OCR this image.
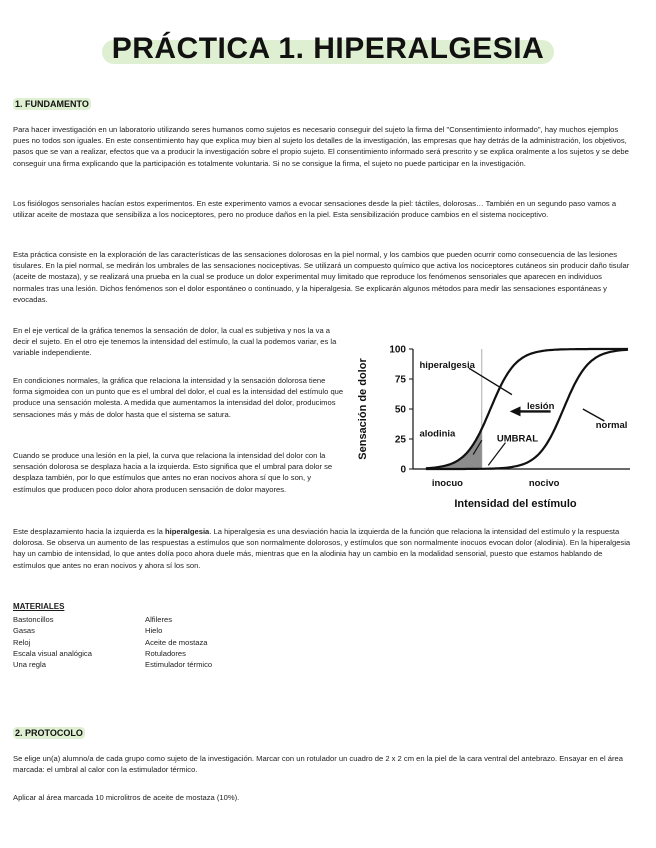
PRÁCTICA 1. HIPERALGESIA
1. FUNDAMENTO

Para hacer investigación en un laboratorio utilizando seres humanos como sujetos es necesario conseguir del sujeto la firma del "Consentimiento informado", hay muchos ejemplos pues no todos son iguales. En este consentimiento hay que explica muy bien al sujeto los detalles de la investigación, las empresas que hay detrás de la administración, los objetivos, pasos que se van a realizar, efectos que va a producir la investigación sobre el propio sujeto. El consentimiento informado será prescrito y se explica oralmente a los sujetos y se debe conseguir una firma explicando que la participación es totalmente voluntaria. Si no se consigue la firma, el sujeto no puede participar en la investigación.

Los fisiólogos sensoriales hacían estos experimentos. En este experimento vamos a evocar sensaciones desde la piel: táctiles, dolorosas… También en un segundo paso vamos a utilizar aceite de mostaza que sensibiliza a los nociceptores, pero no produce daños en la piel. Esta sensibilización produce cambios en el sistema nociceptivo.

Esta práctica consiste en la exploración de las características de las sensaciones dolorosas en la piel normal, y los cambios que pueden ocurrir como consecuencia de las lesiones tisulares. En la piel normal, se medirán los umbrales de las sensaciones nociceptivas. Se utilizará un compuesto químico que activa los nociceptores cutáneos sin producir daño tisular (aceite de mostaza), y se realizará una prueba en la cual se produce un dolor experimental muy limitado que reproduce los fenómenos sensoriales que aparecen en individuos normales tras una lesión. Dichos fenómenos son el dolor espontáneo o continuado, y la hiperalgesia. Se explicarán algunos métodos para medir las sensaciones espontáneas y evocadas.

En el eje vertical de la gráfica tenemos la sensación de dolor, la cual es subjetiva y nos la va a decir el sujeto. En el otro eje tenemos la intensidad del estímulo, la cual la podemos variar, es la variable independiente.

En condiciones normales, la gráfica que relaciona la intensidad y la sensación dolorosa tiene forma sigmoidea con un punto que es el umbral del dolor, el cual es la intensidad del estímulo que produce una sensación molesta. A medida que aumentamos la intensidad del dolor, producimos sensaciones más y más de dolor hasta que el sistema se satura.

Cuando se produce una lesión en la piel, la curva que relaciona la intensidad del dolor con la sensación dolorosa se desplaza hacia a la izquierda. Esto significa que el umbral para dolor se desplaza también, por lo que estímulos que antes no eran nocivos ahora sí que lo son, y estímulos que producen poco dolor ahora producen sensación de dolor mayores.

Este desplazamiento hacia la izquierda es la hiperalgesia. La hiperalgesia es una desviación hacia la izquierda de la función que relaciona la intensidad del estímulo y la respuesta dolorosa. Se observa un aumento de las respuestas a estímulos que son normalmente dolorosos, y estímulos que son normalmente inocuos evocan dolor (alodinia). En la hiperalgesia hay un cambio de intensidad, lo que antes dolía poco ahora duele más, mientras que en la alodinia hay un cambio en la modalidad sensorial, puesto que estamos hablando de estímulos que antes no eran nocivos y ahora sí los son.

MATERIALES
Bastoncillos
Gasas
Reloj
Escala visual analógica
Una regla
Alfileres
Hielo
Aceite de mostaza
Rotuladores
Estimulador térmico
2. PROTOCOLO

Se elige un(a) alumno/a de cada grupo como sujeto de la investigación. Marcar con un rotulador un cuadro de 2 x 2 cm en la piel de la cara ventral del antebrazo. Ensayar en el área marcada: el umbral al calor con la estimulador térmico.

Aplicar al área marcada 10 microlitros de aceite de mostaza (10%).

0
25
50
75
100
hiperalgesia
lesión
normal
alodinia	UMBRAL
inocuo	nocivo
Intensidad del estímulo
Sensación de dolor
